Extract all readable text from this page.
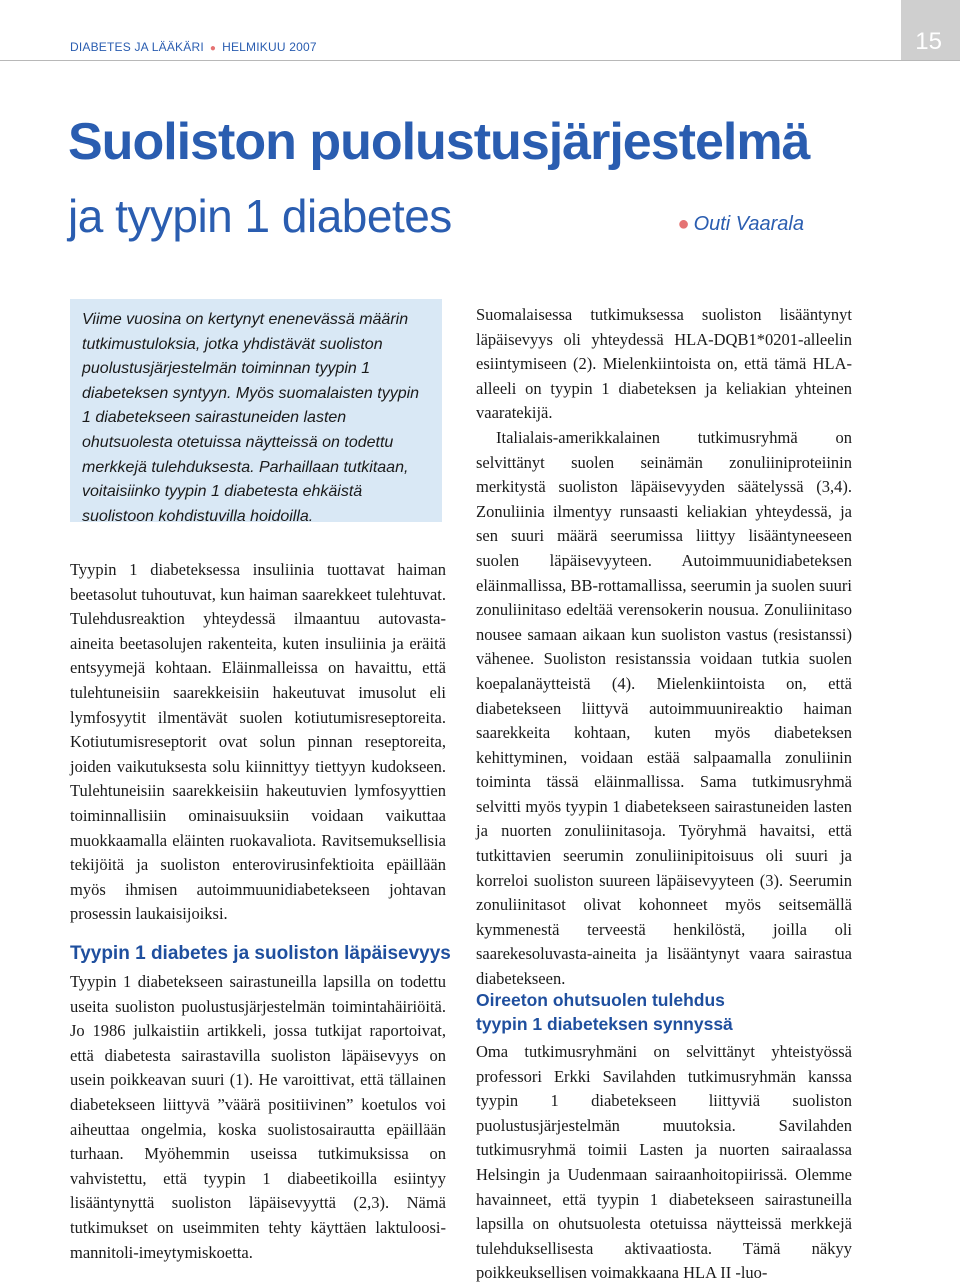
DIABETES JA LÄÄKÄRI ● HELMIKUU 2007	15
Suoliston puolustusjärjestelmä
ja tyypin 1 diabetes	● Outi Vaarala
Viime vuosina on kertynyt enenevässä määrin tutkimustuloksia, jotka yhdistävät suoliston puolustusjärjestelmän toiminnan tyypin 1 diabeteksen syntyyn. Myös suomalaisten tyypin 1 diabetekseen sairastuneiden lasten ohutsuolesta otetuissa näytteissä on todettu merkkejä tulehduksesta. Parhaillaan tutkitaan, voitaisiinko tyypin 1 diabetesta ehkäistä suolistoon kohdistuvilla hoidoilla.

Tyypin 1 diabeteksessa insuliinia tuottavat haiman beetasolut tuhoutuvat, kun haiman saarekkeet tulehtuvat. Tulehdusreaktion yhteydessä ilmaantuu autovasta-aineita beetasolujen rakenteita, kuten insuliinia ja eräitä entsyymejä kohtaan. Eläinmalleissa on havaittu, että tulehtuneisiin saarekkeisiin hakeutuvat imusolut eli lymfosyytit ilmentävät suolen kotiutumisreseptoreita. Kotiutumisreseptorit ovat solun pinnan reseptoreita, joiden vaikutuksesta solu kiinnittyy tiettyyn kudokseen. Tulehtuneisiin saarekkeisiin hakeutuvien lymfosyyttien toiminnallisiin ominaisuuksiin voidaan vaikuttaa muokkaamalla eläinten ruokavaliota. Ravitsemuksellisia tekijöitä ja suoliston enterovirusinfektioita epäillään myös ihmisen autoimmuunidiabetekseen johtavan prosessin laukaisijoiksi.

Tyypin 1 diabetes ja suoliston läpäisevyys

Tyypin 1 diabetekseen sairastuneilla lapsilla on todettu useita suoliston puolustusjärjestelmän toimintahäiriöitä. Jo 1986 julkaistiin artikkeli, jossa tutkijat raportoivat, että diabetesta sairastavilla suoliston läpäisevyys on usein poikkeavan suuri (1). He varoittivat, että tällainen diabetekseen liittyvä ”väärä positiivinen” koetulos voi aiheuttaa ongelmia, koska suolistosairautta epäillään turhaan. Myöhemmin useissa tutkimuksissa on vahvistettu, että tyypin 1 diabeetikoilla esiintyy lisääntynyttä suoliston läpäisevyyttä (2,3). Nämä tutkimukset on useimmiten tehty käyttäen laktuloosi-mannitoli-imeytymiskoetta.

Suomalaisessa tutkimuksessa suoliston lisääntynyt läpäisevyys oli yhteydessä HLA-DQB1*0201-alleelin esiintymiseen (2). Mielenkiintoista on, että tämä HLA-alleeli on tyypin 1 diabeteksen ja keliakian yhteinen vaaratekijä.

Italialais-amerikkalainen tutkimusryhmä on selvittänyt suolen seinämän zonuliiniproteiinin merkitystä suoliston läpäisevyyden säätelyssä (3,4). Zonuliinia ilmentyy runsaasti keliakian yhteydessä, ja sen suuri määrä seerumissa liittyy lisääntyneeseen suolen läpäisevyyteen. Autoimmuunidiabeteksen eläinmallissa, BB-rottamallissa, seerumin ja suolen suuri zonuliinitaso edeltää verensokerin nousua. Zonuliinitaso nousee samaan aikaan kun suoliston vastus (resistanssi) vähenee. Suoliston resistanssia voidaan tutkia suolen koepalanäytteistä (4). Mielenkiintoista on, että diabetekseen liittyvä autoimmuunireaktio haiman saarekkeita kohtaan, kuten myös diabeteksen kehittyminen, voidaan estää salpaamalla zonuliinin toiminta tässä eläinmallissa. Sama tutkimusryhmä selvitti myös tyypin 1 diabetekseen sairastuneiden lasten ja nuorten zonuliinitasoja. Työryhmä havaitsi, että tutkittavien seerumin zonuliinipitoisuus oli suuri ja korreloi suoliston suureen läpäisevyyteen (3). Seerumin zonuliinitasot olivat kohonneet myös seitsemällä kymmenestä terveestä henkilöstä, joilla oli saarekesoluvasta-aineita ja lisääntynyt vaara sairastua diabetekseen.

Oireeton ohutsuolen tulehdus
tyypin 1 diabeteksen synnyssä

Oma tutkimusryhmäni on selvittänyt yhteistyössä professori Erkki Savilahden tutkimusryhmän kanssa tyypin 1 diabetekseen liittyviä suoliston puolustusjärjestelmän muutoksia. Savilahden tutkimusryhmä toimii Lasten ja nuorten sairaalassa Helsingin ja Uudenmaan sairaanhoitopiirissä. Olemme havainneet, että tyypin 1 diabetekseen sairastuneilla lapsilla on ohutsuolesta otetuissa näytteissä merkkejä tulehduksellisesta aktivaatiosta. Tämä näkyy poikkeuksellisen voimakkaana HLA II -luo-
